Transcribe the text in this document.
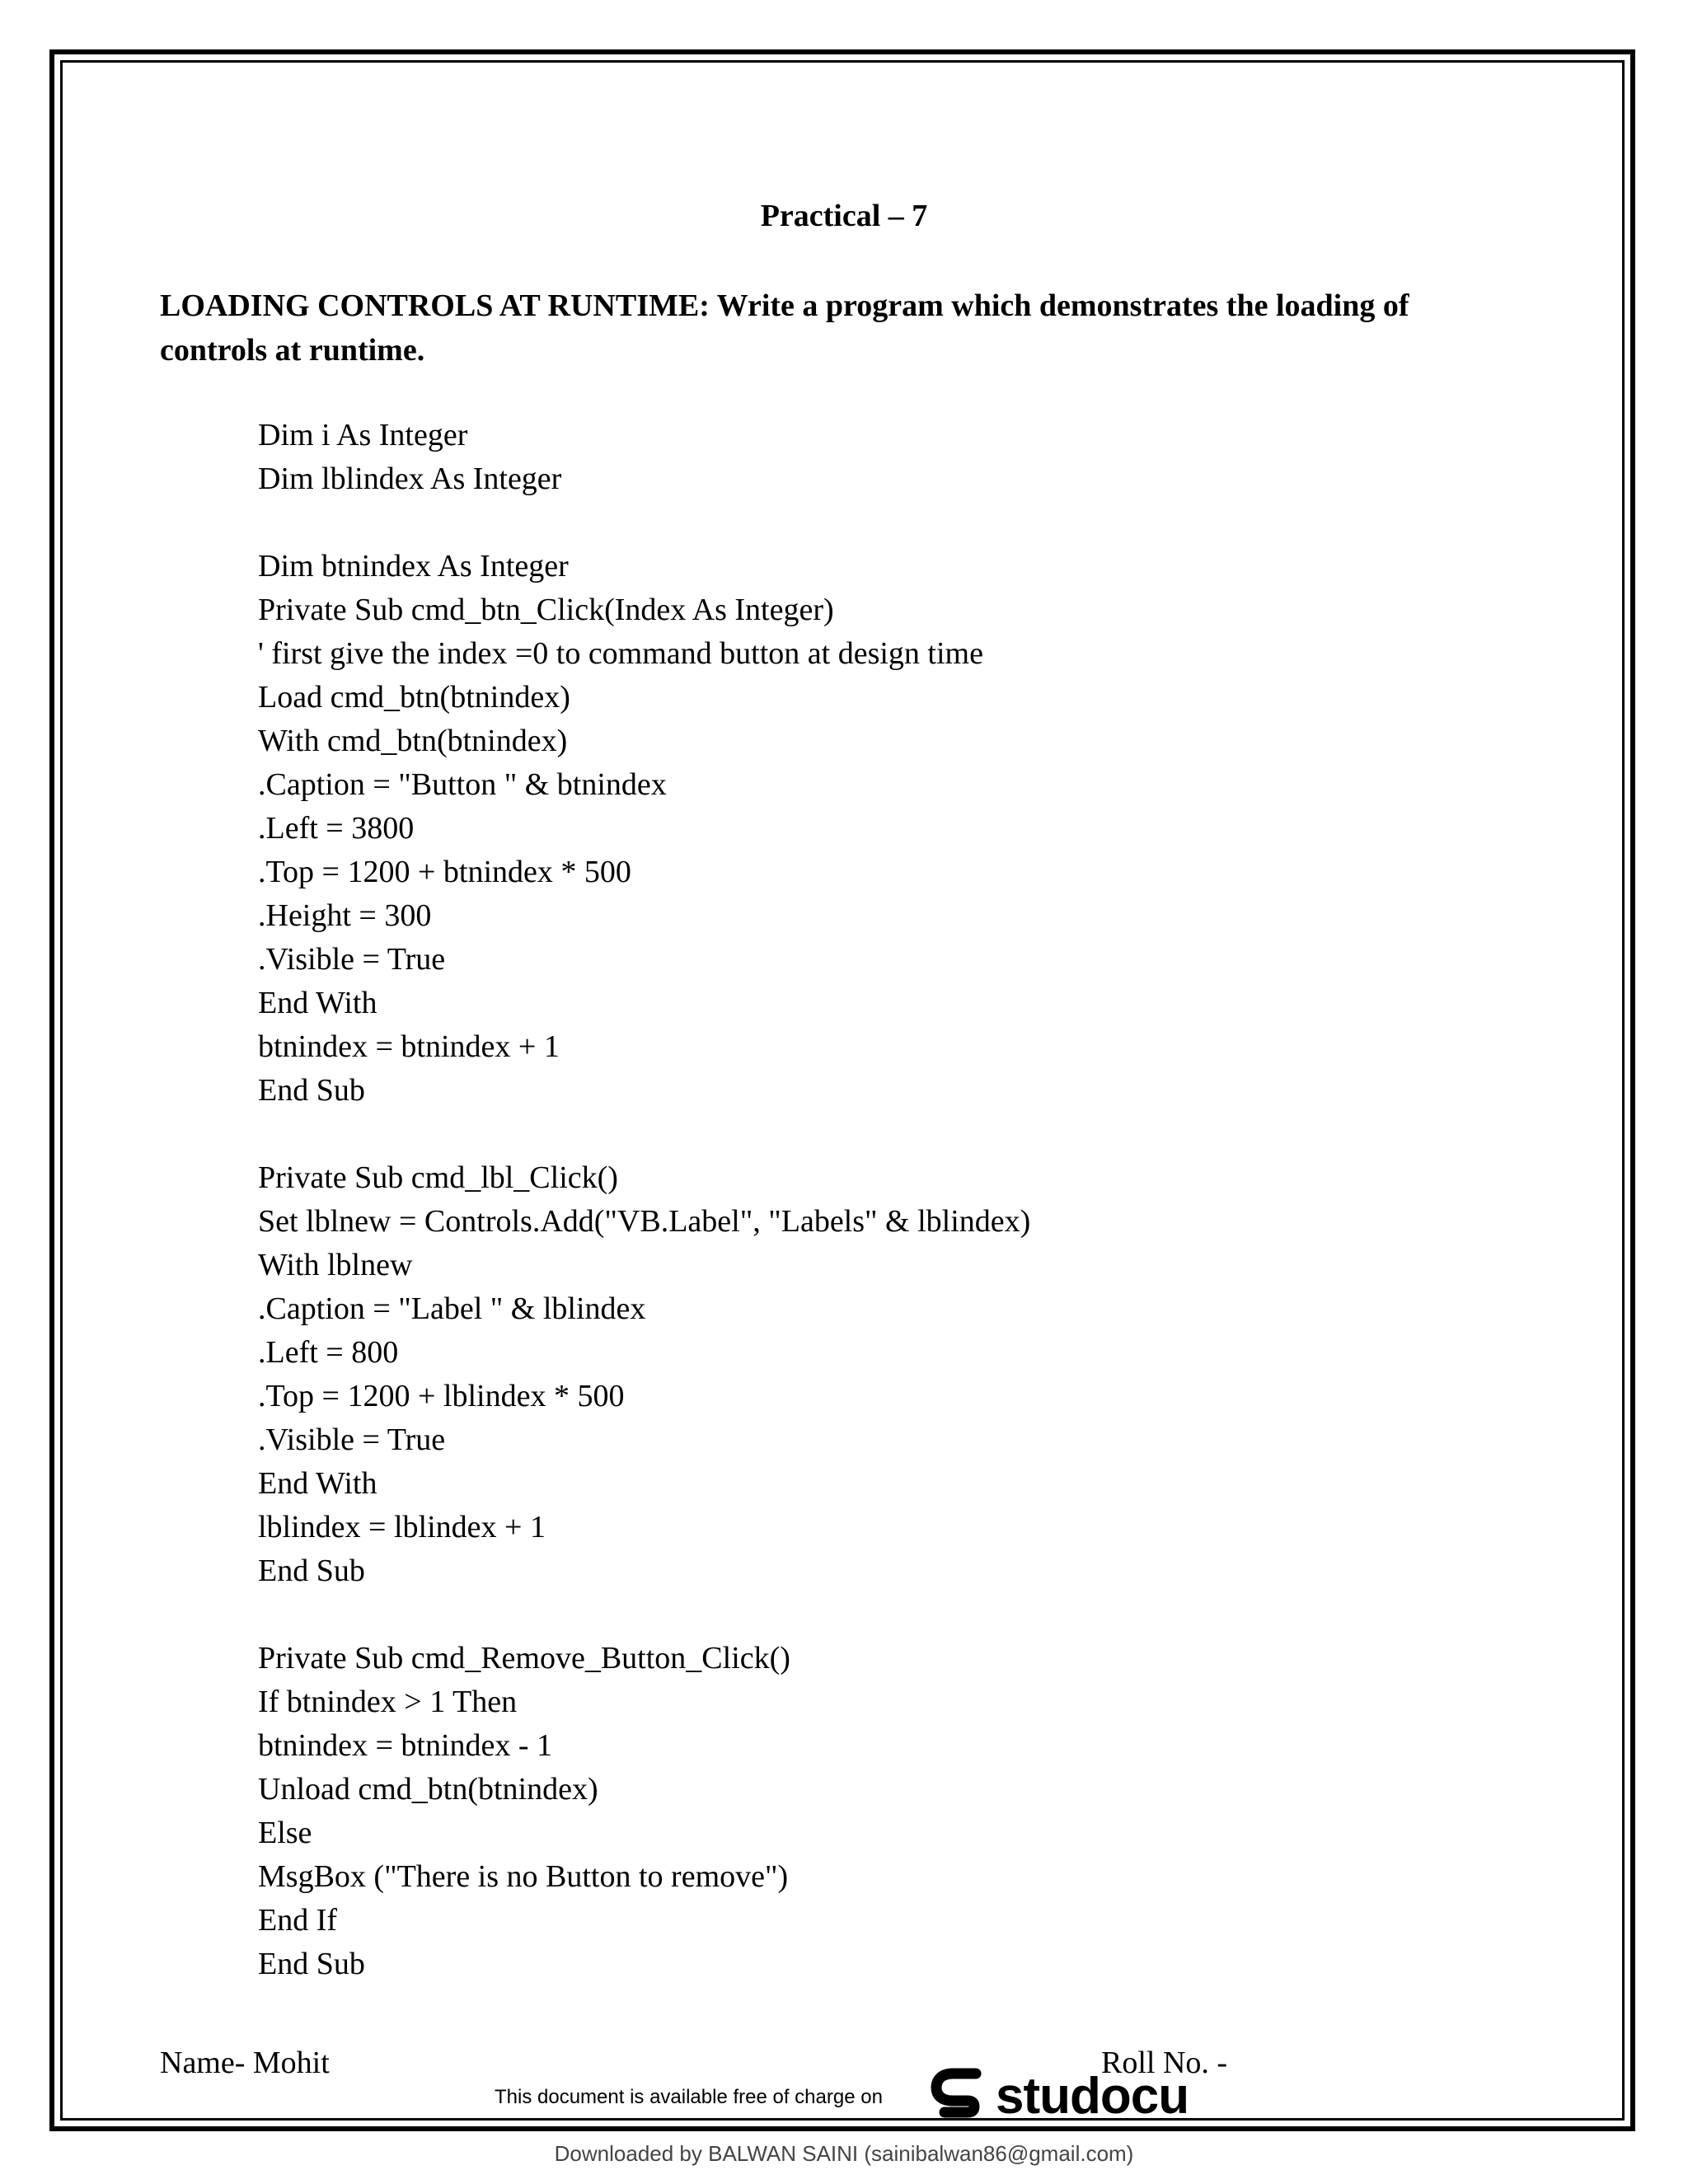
Practical – 7
LOADING CONTROLS AT RUNTIME: Write a program which demonstrates the loading of controls at runtime.
Dim i As Integer
Dim lblindex As Integer
Dim btnindex As Integer
Private Sub cmd_btn_Click(Index As Integer)
' first give the index =0 to command button at design time
Load cmd_btn(btnindex)
With cmd_btn(btnindex)
.Caption = "Button " & btnindex
.Left = 3800
.Top = 1200 + btnindex * 500
.Height = 300
.Visible = True
End With
btnindex = btnindex + 1
End Sub
Private Sub cmd_lbl_Click()
Set lblnew = Controls.Add("VB.Label", "Labels" & lblindex)
With lblnew
.Caption = "Label " & lblindex
.Left = 800
.Top = 1200 + lblindex * 500
.Visible = True
End With
lblindex = lblindex + 1
End Sub
Private Sub cmd_Remove_Button_Click()
If btnindex > 1 Then
btnindex = btnindex - 1
Unload cmd_btn(btnindex)
Else
MsgBox ("There is no Button to remove")
End If
End Sub
Name- Mohit	Roll No. -
This document is available free of charge on studocu
Downloaded by BALWAN SAINI (sainibalwan86@gmail.com)
